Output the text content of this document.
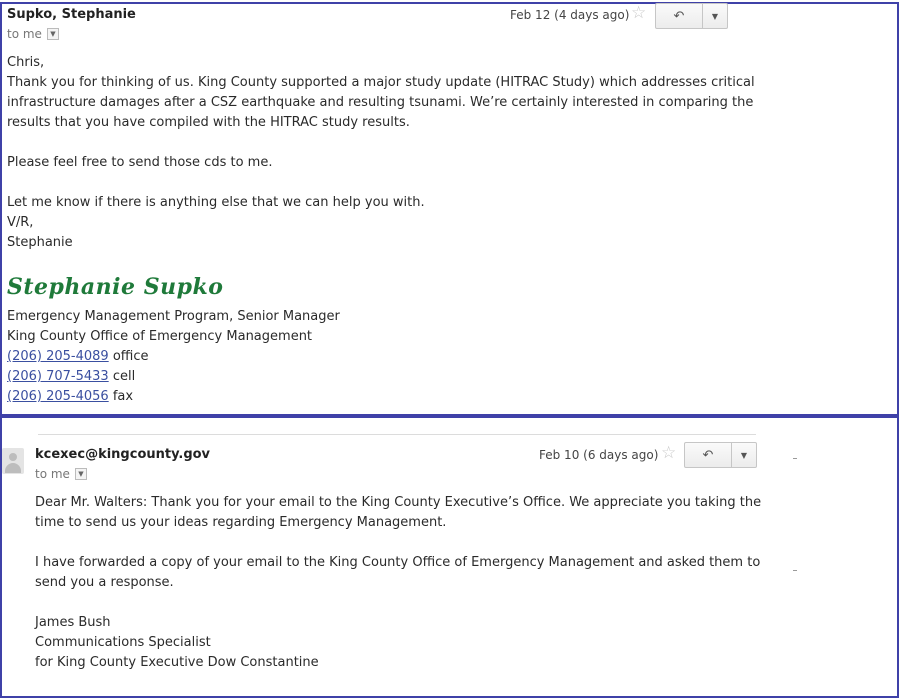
Supko, Stephanie
to me	▼
Feb 12 (4 days ago) ☆ ↶	▼

Chris,

Thank you for thinking of us. King County supported a major study update (HITRAC Study) which addresses critical

infrastructure damages after a CSZ earthquake and resulting tsunami. We’re certainly interested in comparing the

results that you have compiled with the HITRAC study results.

Please feel free to send those cds to me.

Let me know if there is anything else that we can help you with.

V/R,

Stephanie

Stephanie Supko

Emergency Management Program, Senior Manager

King County Office of Emergency Management

(206) 205-4089 office

(206) 707-5433 cell

(206) 205-4056 fax

kcexec@kingcounty.gov
to me	▼
Feb 10 (6 days ago) ☆ ↶	▼

Dear Mr. Walters: Thank you for your email to the King County Executive’s Office. We appreciate you taking the

time to send us your ideas regarding Emergency Management.

I have forwarded a copy of your email to the King County Office of Emergency Management and asked them to

send you a response.

James Bush

Communications Specialist

for King County Executive Dow Constantine
